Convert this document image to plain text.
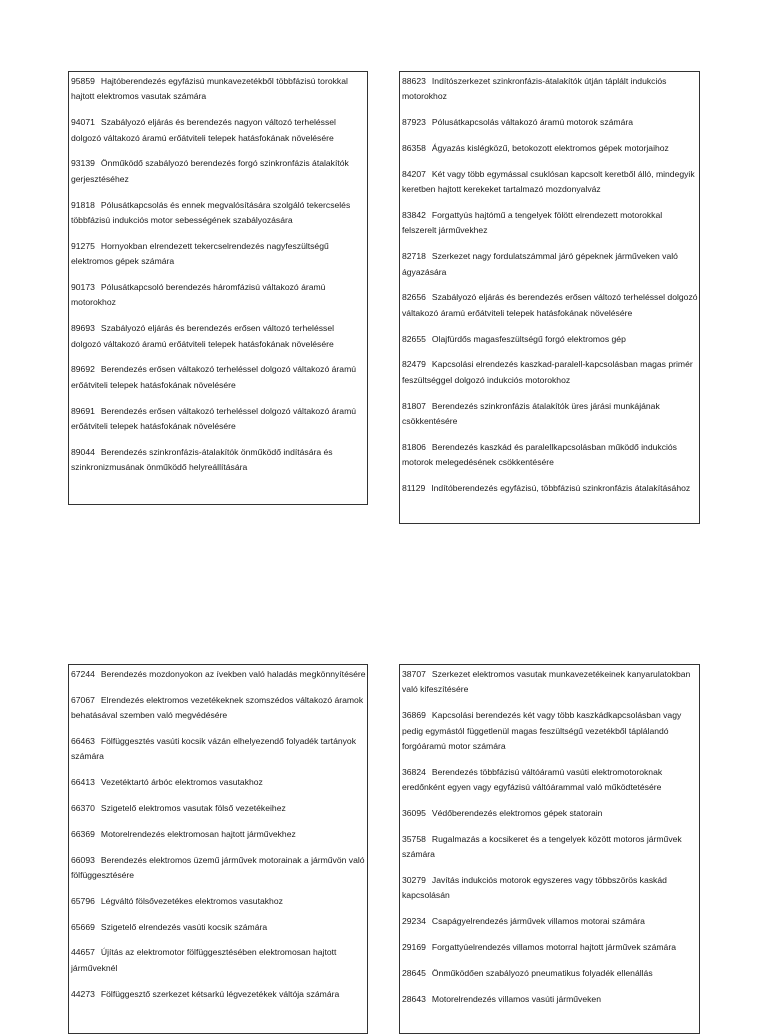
95859 Hajtóberendezés egyfázisú munkavezetékből többfázisú torokkal hajtott elektromos vasutak számára
94071 Szabályozó eljárás és berendezés nagyon változó terheléssel dolgozó váltakozó áramú erőátviteli telepek hatásfokának növelésére
93139 Önműködő szabályozó berendezés forgó szinkronfázis átalakítók gerjesztéséhez
91818 Pólusátkapcsolás és ennek megvalósítására szolgáló tekercselés többfázisú indukciós motor sebességének szabályozására
91275 Hornyokban elrendezett tekercselrendezés nagyfeszültségű elektromos gépek számára
90173 Pólusátkapcsoló berendezés háromfázisú váltakozó áramú motorokhoz
89693 Szabályozó eljárás és berendezés erősen változó terheléssel dolgozó váltakozó áramú erőátviteli telepek hatásfokának növelésére
89692 Berendezés erősen váltakozó terheléssel dolgozó váltakozó áramú erőátviteli telepek hatásfokának növelésére
89691 Berendezés erősen váltakozó terheléssel dolgozó váltakozó áramú erőátviteli telepek hatásfokának növelésére
89044 Berendezés szinkronfázis-átalakítók önműködő indítására és szinkronizmusának önműködő helyreállítására
88623 Indítószerkezet szinkronfázis-átalakítók útján táplált indukciós motorokhoz
87923 Pólusátkapcsolás váltakozó áramú motorok számára
86358 Ágyazás kislégközű, betokozott elektromos gépek motorjaihoz
84207 Két vagy több egymással csuklósan kapcsolt keretből álló, mindegyik keretben hajtott kerekeket tartalmazó mozdonyalváz
83842 Forgattyús hajtómű a tengelyek fölött elrendezett motorokkal felszerelt járművekhez
82718 Szerkezet nagy fordulatszámmal járó gépeknek járműveken való ágyazására
82656 Szabályozó eljárás és berendezés erősen változó terheléssel dolgozó váltakozó áramú erőátviteli telepek hatásfokának növelésére
82655 Olajfürdős magasfeszültségű forgó elektromos gép
82479 Kapcsolási elrendezés kaszkad-paralell-kapcsolásban magas primér feszültséggel dolgozó indukciós motorokhoz
81807 Berendezés szinkronfázis átalakítók üres járási munkájának csökkentésére
81806 Berendezés kaszkád és paralellkapcsolásban működő indukciós motorok melegedésének csökkentésére
81129 Indítóberendezés egyfázisú, többfázisú szinkronfázis átalakításához
67244 Berendezés mozdonyokon az ívekben való haladás megkönnyítésére
67067 Elrendezés elektromos vezetékeknek szomszédos váltakozó áramok behatásával szemben való megvédésére
66463 Fölfüggesztés vasúti kocsik vázán elhelyezendő folyadék tartányok számára
66413 Vezetéktartó árbóc elektromos vasutakhoz
66370 Szigetelő elektromos vasutak fölső vezetékeihez
66369 Motorelrendezés elektromosan hajtott járművekhez
66093 Berendezés elektromos üzemű járművek motorainak a járművön való fölfüggesztésére
65796 Légváltó fölsővezetékes elektromos vasutakhoz
65669 Szigetelő elrendezés vasúti kocsik számára
44657 Újítás az elektromotor fölfüggesztésében elektromosan hajtott járműveknél
44273 Fölfüggesztő szerkezet kétsarkú légvezetékek váltója számára
38707 Szerkezet elektromos vasutak munkavezetékeinek kanyarulatokban való kifeszítésére
36869 Kapcsolási berendezés két vagy több kaszkádkapcsolásban vagy pedig egymástól függetlenül magas feszültségű vezetékből táplálandó forgóáramú motor számára
36824 Berendezés többfázisú váltóáramú vasúti elektromotoroknak eredőnként egyen vagy egyfázisú váltóárammal való működtetésére
36095 Védőberendezés elektromos gépek statorain
35758 Rugalmazás a kocsikeret és a tengelyek között motoros járművek számára
30279 Javítás indukciós motorok egyszeres vagy többszörös kaskád kapcsolásán
29234 Csapágyelrendezés járművek villamos motorai számára
29169 Forgattyúelrendezés villamos motorral hajtott járművek számára
28645 Önműködően szabályozó pneumatikus folyadék ellenállás
28643 Motorelrendezés villamos vasúti járműveken
